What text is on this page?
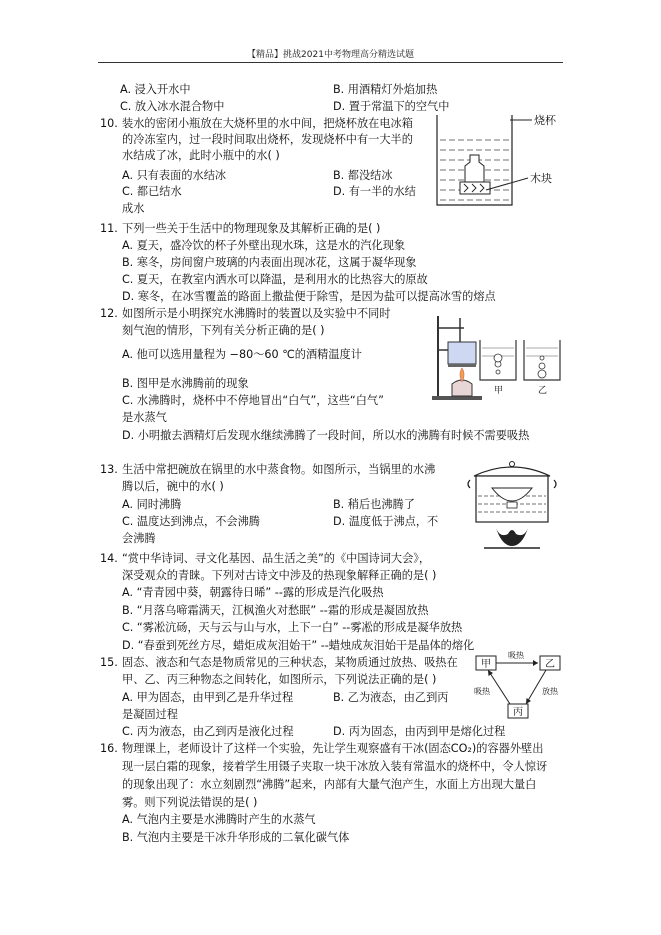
【精品】挑战2021中考物理高分精选试题
A. 浸入开水中	B. 用酒精灯外焰加热
C. 放入冰水混合物中	D. 置于常温下的空气中
10. 装水的密闭小瓶放在大烧杯里的水中间，把烧杯放在电冰箱
的冷冻室内，过一段时间取出烧杯，发现烧杯中有一大半的
水结成了冰，此时小瓶中的水( )
A. 只有表面的水结冰	B. 都没结冰
C. 都已结水	D. 有一半的水结
成水
烧杯
木块
11. 下列一些关于生活中的物理现象及其解析正确的是( )
A. 夏天，盛冷饮的杯子外壁出现水珠，这是水的汽化现象
B. 寒冬，房间窗户玻璃的内表面出现冰花，这属于凝华现象
C. 夏天，在教室内洒水可以降温，是利用水的比热容大的原故
D. 寒冬，在冰雪覆盖的路面上撒盐便于除雪，是因为盐可以提高冰雪的熔点
12. 如图所示是小明探究水沸腾时的装置以及实验中不同时
刻气泡的情形，下列有关分析正确的是( )
A. 他可以选用量程为 −80～60 ℃的酒精温度计
B. 图甲是水沸腾前的现象
C. 水沸腾时，烧杯中不停地冒出“白气”，这些“白气”
是水蒸气
D. 小明撤去酒精灯后发现水继续沸腾了一段时间，所以水的沸腾有时候不需要吸热
甲	乙
13. 生活中常把碗放在锅里的水中蒸食物。如图所示，当锅里的水沸
腾以后，碗中的水( )
A. 同时沸腾	B. 稍后也沸腾了
C. 温度达到沸点，不会沸腾	D. 温度低于沸点，不
会沸腾
14. “赏中华诗词、寻文化基因、品生活之美”的《中国诗词大会》，
深受观众的青睐。下列对古诗文中涉及的热现象解释正确的是( )
A. “青青园中葵，朝露待日晞” --露的形成是汽化吸热
B. “月落乌啼霜满天，江枫渔火对愁眠” --霜的形成是凝固放热
C. “雾凇沆砀，天与云与山与水，上下一白” --雾凇的形成是凝华放热
D. “春蚕到死丝方尽，蜡炬成灰泪始干” --蜡烛成灰泪始干是晶体的熔化
15. 固态、液态和气态是物质常见的三种状态，某物质通过放热、吸热在
甲、乙、丙三种物态之间转化，如图所示，下列说法正确的是( )
A. 甲为固态，由甲到乙是升华过程	B. 乙为液态，由乙到丙
是凝固过程
C. 丙为液态，由乙到丙是液化过程	D. 丙为固态，由丙到甲是熔化过程
甲	乙
丙
吸热
放热
吸热
16. 物理课上，老师设计了这样一个实验，先让学生观察盛有干冰(固态CO₂)的容器外壁出
现一层白霜的现象，接着学生用镊子夹取一块干冰放入装有常温水的烧杯中，令人惊讶
的现象出现了：水立刻剧烈“沸腾”起来，内部有大量气泡产生，水面上方出现大量白
雾。则下列说法错误的是( )
A. 气泡内主要是水沸腾时产生的水蒸气
B. 气泡内主要是干冰升华形成的二氧化碳气体
